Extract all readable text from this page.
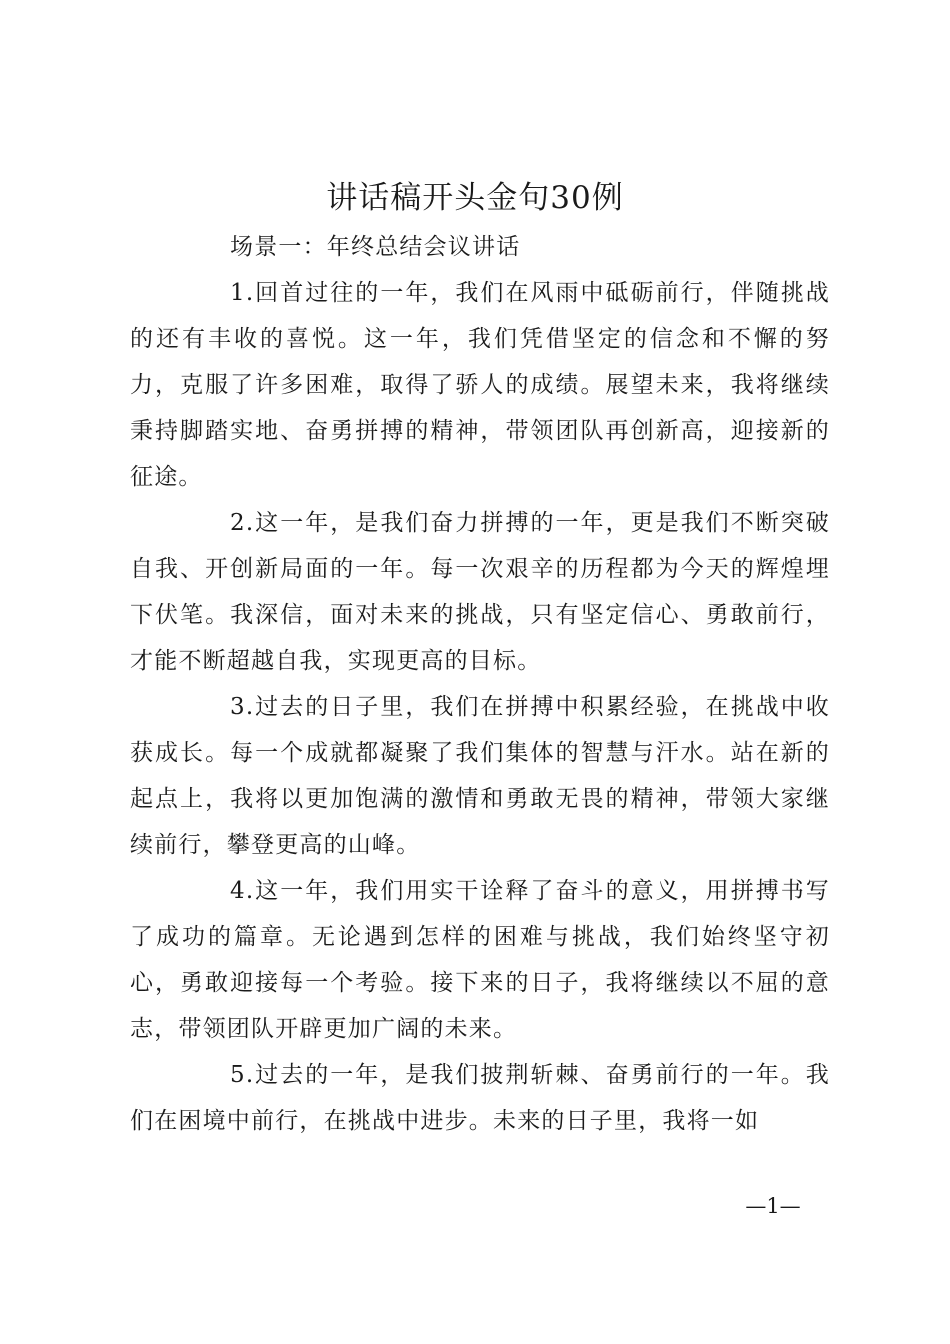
讲话稿开头金句30例

场景一：年终总结会议讲话

1.回首过往的一年，我们在风雨中砥砺前行，伴随挑战的还有丰收的喜悦。这一年，我们凭借坚定的信念和不懈的努力，克服了许多困难，取得了骄人的成绩。展望未来，我将继续秉持脚踏实地、奋勇拼搏的精神，带领团队再创新高，迎接新的征途。

2.这一年，是我们奋力拼搏的一年，更是我们不断突破自我、开创新局面的一年。每一次艰辛的历程都为今天的辉煌埋下伏笔。我深信，面对未来的挑战，只有坚定信心、勇敢前行，才能不断超越自我，实现更高的目标。

3.过去的日子里，我们在拼搏中积累经验，在挑战中收获成长。每一个成就都凝聚了我们集体的智慧与汗水。站在新的起点上，我将以更加饱满的激情和勇敢无畏的精神，带领大家继续前行，攀登更高的山峰。

4.这一年，我们用实干诠释了奋斗的意义，用拼搏书写了成功的篇章。无论遇到怎样的困难与挑战，我们始终坚守初心，勇敢迎接每一个考验。接下来的日子，我将继续以不屈的意志，带领团队开辟更加广阔的未来。

5.过去的一年，是我们披荆斩棘、奋勇前行的一年。我们在困境中前行，在挑战中进步。未来的日子里，我将一如

—1—
